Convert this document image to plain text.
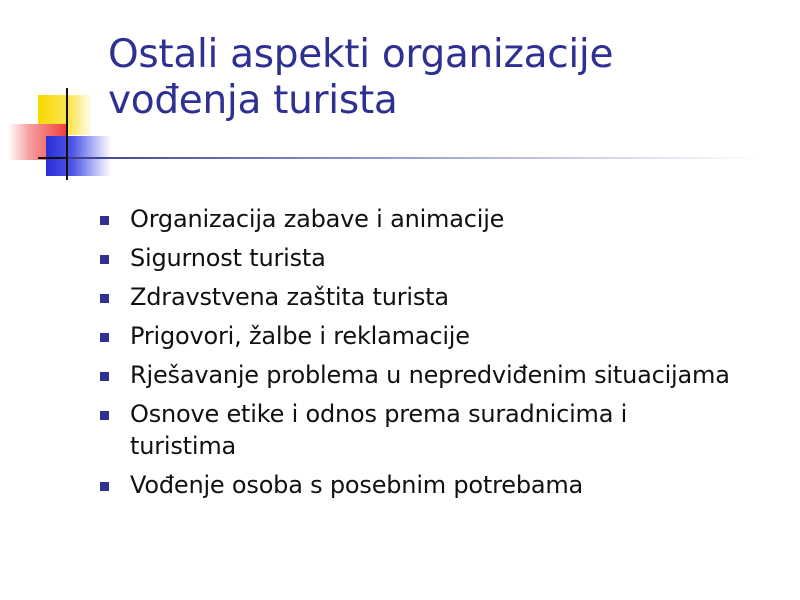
Ostali aspekti organizacije
vođenja turista
Organizacija zabave i animacije
Sigurnost turista
Zdravstvena zaštita turista
Prigovori, žalbe i reklamacije
Rješavanje problema u nepredviđenim situacijama
Osnove etike i odnos prema suradnicima i turistima
Vođenje osoba s posebnim potrebama
